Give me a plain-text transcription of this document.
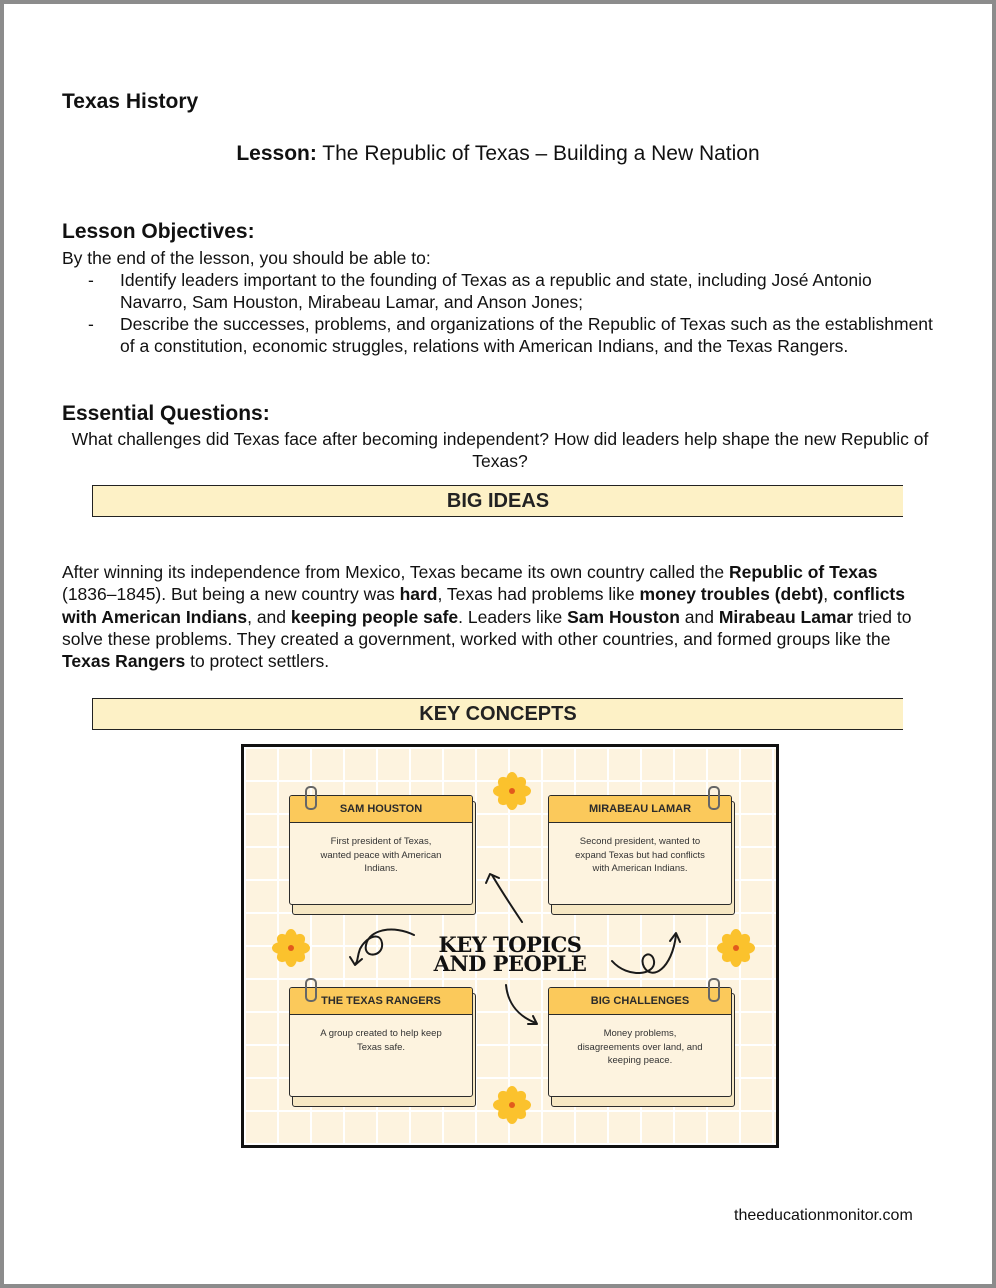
Texas History
Lesson: The Republic of Texas – Building a New Nation
Lesson Objectives:
By the end of the lesson, you should be able to:
- Identify leaders important to the founding of Texas as a republic and state, including José Antonio Navarro, Sam Houston, Mirabeau Lamar, and Anson Jones;
- Describe the successes, problems, and organizations of the Republic of Texas such as the establishment of a constitution, economic struggles, relations with American Indians, and the Texas Rangers.
Essential Questions:
What challenges did Texas face after becoming independent? How did leaders help shape the new Republic of Texas?
BIG IDEAS
After winning its independence from Mexico, Texas became its own country called the Republic of Texas (1836–1845). But being a new country was hard, Texas had problems like money troubles (debt), conflicts with American Indians, and keeping people safe. Leaders like Sam Houston and Mirabeau Lamar tried to solve these problems. They created a government, worked with other countries, and formed groups like the Texas Rangers to protect settlers.
KEY CONCEPTS
KEY TOPICS
AND PEOPLE
SAM HOUSTON
First president of Texas, wanted peace with American Indians.
MIRABEAU LAMAR
Second president, wanted to expand Texas but had conflicts with American Indians.
THE TEXAS RANGERS
A group created to help keep Texas safe.
BIG CHALLENGES
Money problems, disagreements over land, and keeping peace.
theeducationmonitor.com
